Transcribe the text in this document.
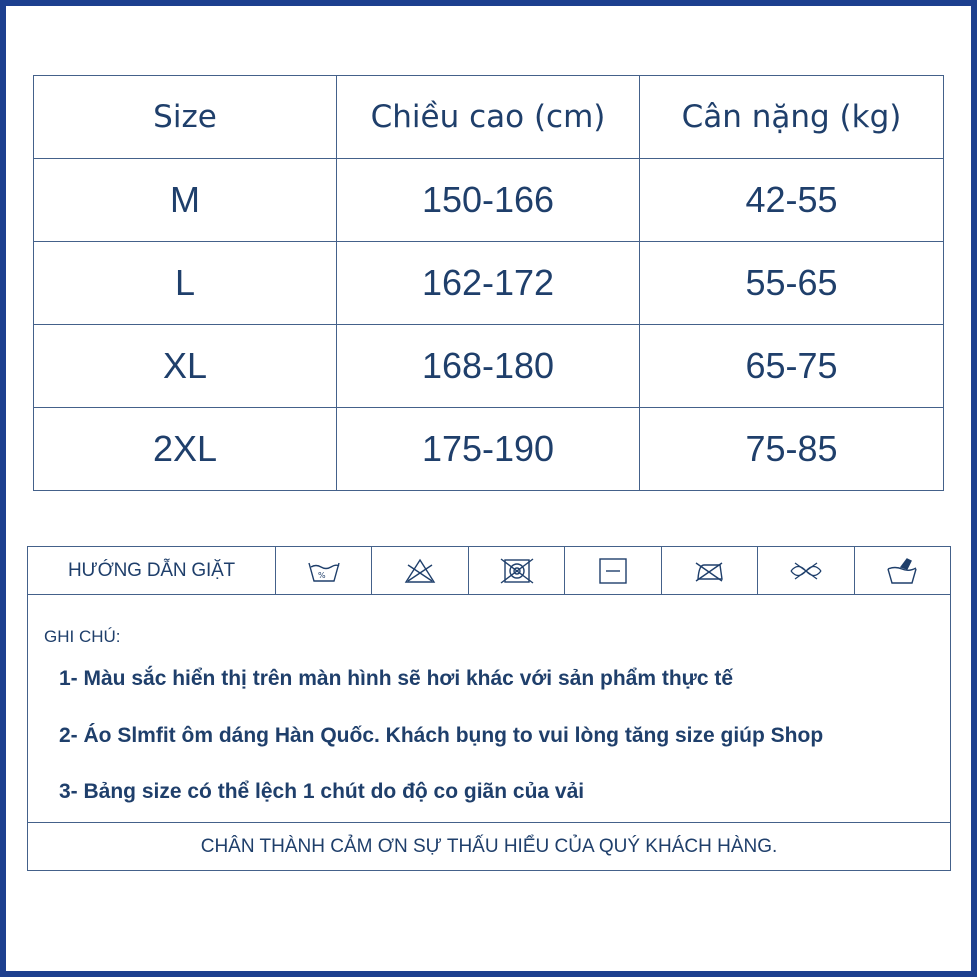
Size	Chiều cao (cm)	Cân nặng (kg)
M	150-166	42-55
L	162-172	55-65
XL	168-180	65-75
2XL	175-190	75-85
HƯỚNG DẪN GIẶT	%
GHI CHÚ:
1- Màu sắc hiển thị trên màn hình sẽ hơi khác với sản phẩm thực tế
2- Áo Slmfit ôm dáng Hàn Quốc. Khách bụng to vui lòng tăng size giúp Shop
3- Bảng size có thể lệch 1 chút do độ co giãn của vải
CHÂN THÀNH CẢM ƠN SỰ THẤU HIỂU CỦA QUÝ KHÁCH HÀNG.
